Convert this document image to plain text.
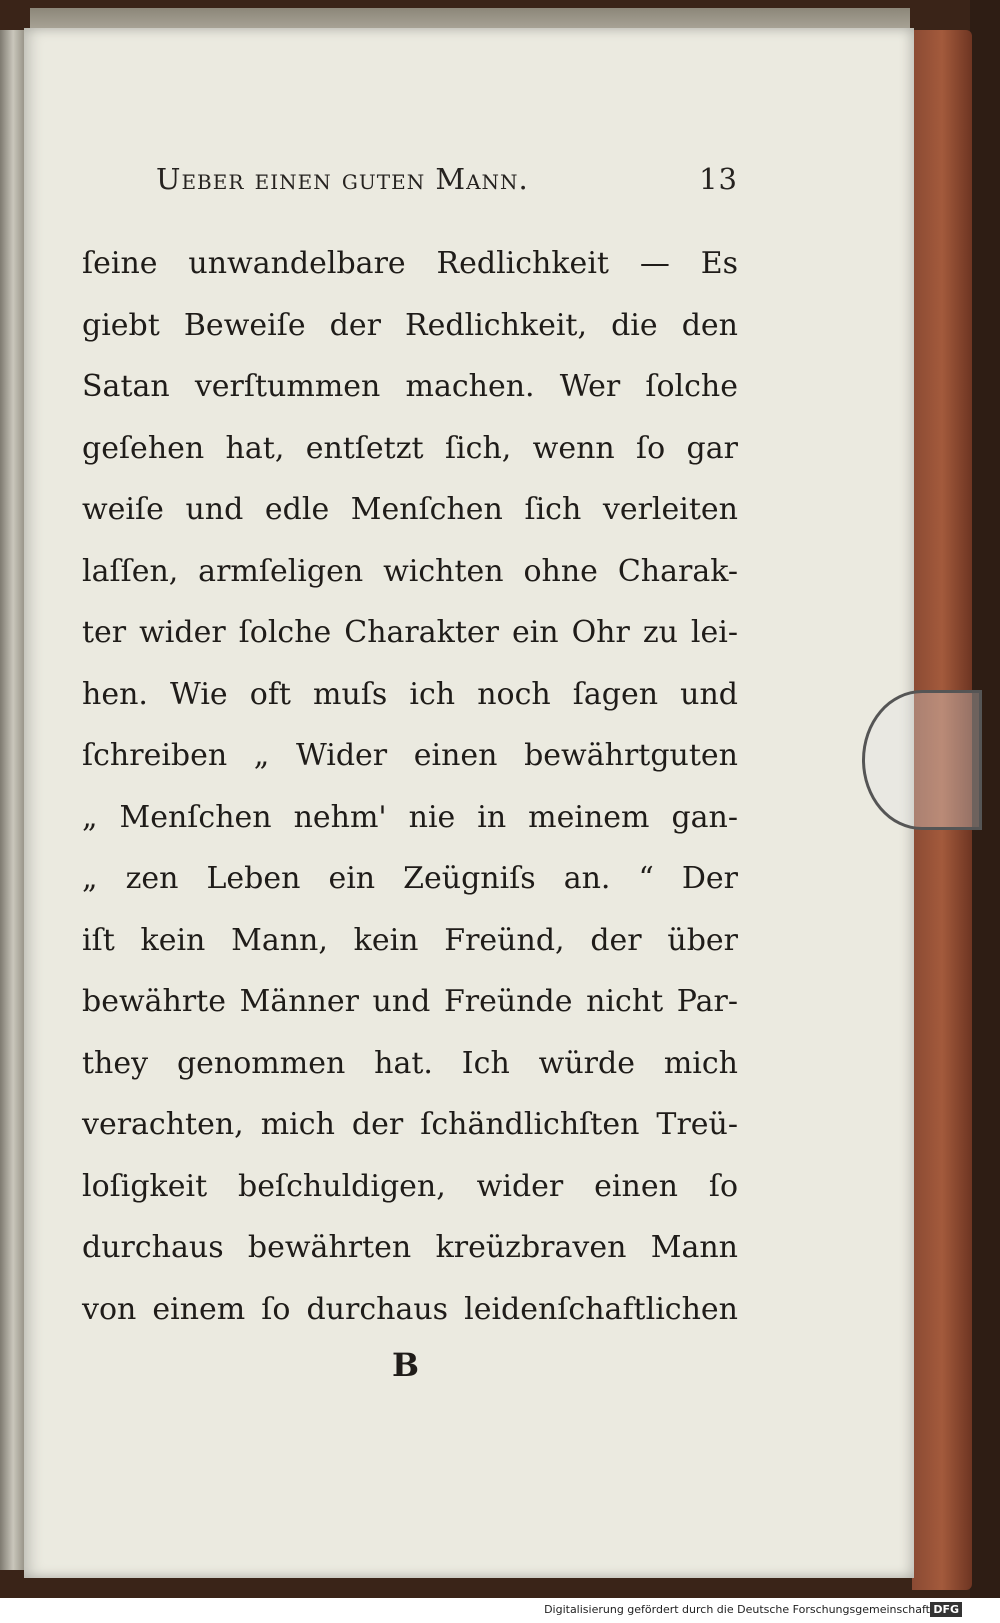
Ueber einen guten Mann.	13
ſeine unwandelbare Redlichkeit — Es
giebt Beweiſe der Redlichkeit, die den
Satan verſtummen machen. Wer ſolche
geſehen hat, entſetzt ſich, wenn ſo gar
weiſe und edle Menſchen ſich verleiten
laſſen, armſeligen wichten ohne Charak-
ter wider ſolche Charakter ein Ohr zu lei-
hen. Wie oft muſs ich noch ſagen und
ſchreiben „ Wider einen bewährtguten
„ Menſchen nehm' nie in meinem gan-
„ zen Leben ein Zeügniſs an. “ Der
iſt kein Mann, kein Freünd, der über
bewährte Männer und Freünde nicht Par-
they genommen hat. Ich würde mich
verachten, mich der ſchändlichſten Treü-
loſigkeit beſchuldigen, wider einen ſo
durchaus bewährten kreüzbraven Mann
von einem ſo durchaus leidenſchaftlichen
B
Digitalisierung gefördert durch die Deutsche Forschungsgemeinschaft DFG
